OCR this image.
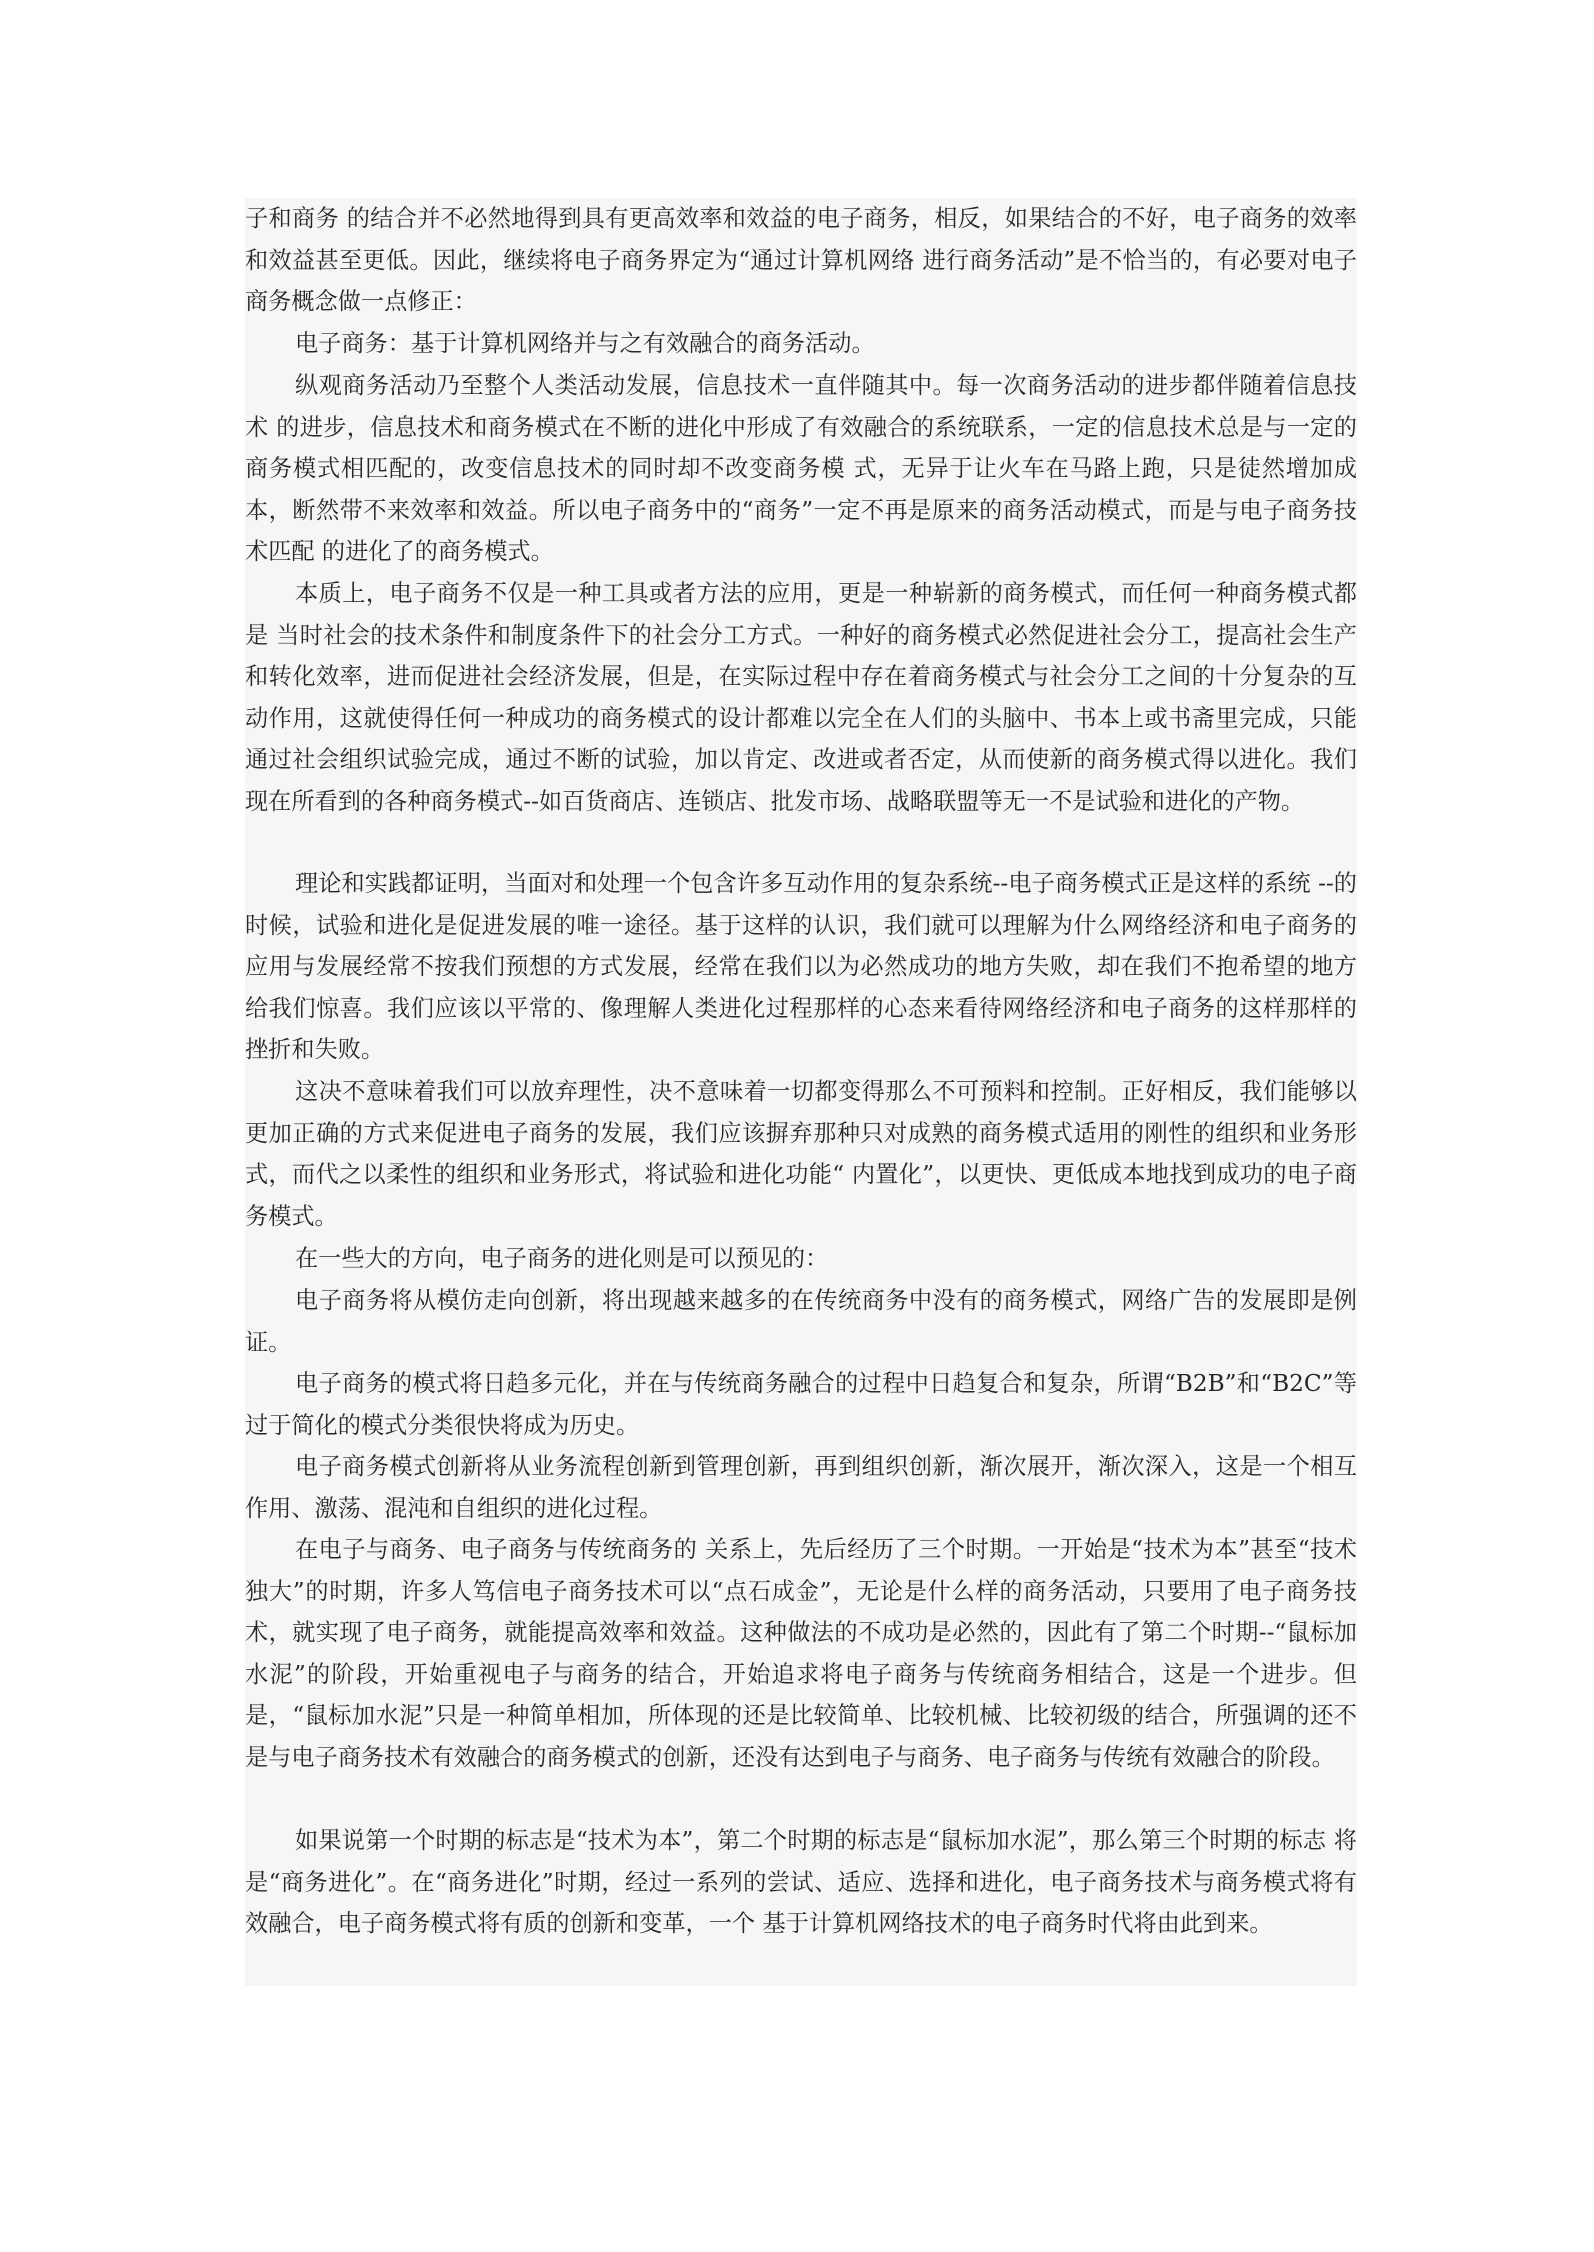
子和商务 的结合并不必然地得到具有更高效率和效益的电子商务，相反，如果结合的不好，电子商务的效率和效益甚至更低。因此，继续将电子商务界定为“通过计算机网络 进行商务活动”是不恰当的，有必要对电子商务概念做一点修正：

电子商务：基于计算机网络并与之有效融合的商务活动。

纵观商务活动乃至整个人类活动发展，信息技术一直伴随其中。每一次商务活动的进步都伴随着信息技术 的进步，信息技术和商务模式在不断的进化中形成了有效融合的系统联系，一定的信息技术总是与一定的商务模式相匹配的，改变信息技术的同时却不改变商务模 式，无异于让火车在马路上跑，只是徒然增加成本，断然带不来效率和效益。所以电子商务中的“商务”一定不再是原来的商务活动模式，而是与电子商务技术匹配 的进化了的商务模式。

本质上，电子商务不仅是一种工具或者方法的应用，更是一种崭新的商务模式，而任何一种商务模式都是 当时社会的技术条件和制度条件下的社会分工方式。一种好的商务模式必然促进社会分工，提高社会生产和转化效率，进而促进社会经济发展，但是，在实际过程中存在着商务模式与社会分工之间的十分复杂的互动作用，这就使得任何一种成功的商务模式的设计都难以完全在人们的头脑中、书本上或书斋里完成，只能通过社会组织试验完成，通过不断的试验，加以肯定、改进或者否定，从而使新的商务模式得以进化。我们现在所看到的各种商务模式--如百货商店、连锁店、批发市场、战略联盟等无一不是试验和进化的产物。

理论和实践都证明，当面对和处理一个包含许多互动作用的复杂系统--电子商务模式正是这样的系统 --的时候，试验和进化是促进发展的唯一途径。基于这样的认识，我们就可以理解为什么网络经济和电子商务的应用与发展经常不按我们预想的方式发展，经常在我们以为必然成功的地方失败，却在我们不抱希望的地方给我们惊喜。我们应该以平常的、像理解人类进化过程那样的心态来看待网络经济和电子商务的这样那样的挫折和失败。

这决不意味着我们可以放弃理性，决不意味着一切都变得那么不可预料和控制。正好相反，我们能够以更加正确的方式来促进电子商务的发展，我们应该摒弃那种只对成熟的商务模式适用的刚性的组织和业务形式，而代之以柔性的组织和业务形式，将试验和进化功能“ 内置化”，以更快、更低成本地找到成功的电子商务模式。

在一些大的方向，电子商务的进化则是可以预见的：

电子商务将从模仿走向创新，将出现越来越多的在传统商务中没有的商务模式，网络广告的发展即是例证。

电子商务的模式将日趋多元化，并在与传统商务融合的过程中日趋复合和复杂，所谓“B2B”和“B2C”等过于简化的模式分类很快将成为历史。

电子商务模式创新将从业务流程创新到管理创新，再到组织创新，渐次展开，渐次深入，这是一个相互作用、激荡、混沌和自组织的进化过程。

在电子与商务、电子商务与传统商务的 关系上，先后经历了三个时期。一开始是“技术为本”甚至“技术独大”的时期，许多人笃信电子商务技术可以“点石成金”，无论是什么样的商务活动，只要用了电子商务技术，就实现了电子商务，就能提高效率和效益。这种做法的不成功是必然的，因此有了第二个时期--“鼠标加水泥”的阶段，开始重视电子与商务的结合，开始追求将电子商务与传统商务相结合，这是一个进步。但 是，“鼠标加水泥”只是一种简单相加，所体现的还是比较简单、比较机械、比较初级的结合，所强调的还不是与电子商务技术有效融合的商务模式的创新，还没有达到电子与商务、电子商务与传统有效融合的阶段。

如果说第一个时期的标志是“技术为本”，第二个时期的标志是“鼠标加水泥”，那么第三个时期的标志 将是“商务进化”。在“商务进化”时期，经过一系列的尝试、适应、选择和进化，电子商务技术与商务模式将有效融合，电子商务模式将有质的创新和变革，一个 基于计算机网络技术的电子商务时代将由此到来。
